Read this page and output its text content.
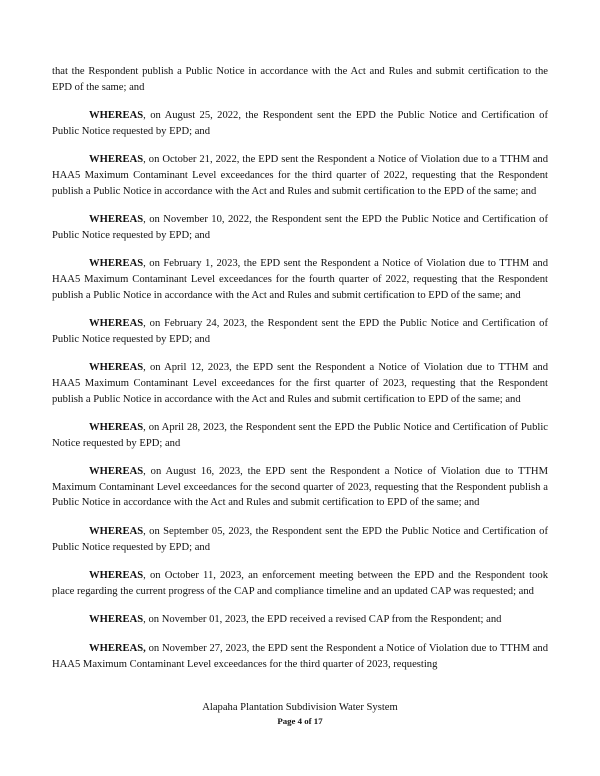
that the Respondent publish a Public Notice in accordance with the Act and Rules and submit certification to the EPD of the same; and

WHEREAS, on August 25, 2022, the Respondent sent the EPD the Public Notice and Certification of Public Notice requested by EPD; and

WHEREAS, on October 21, 2022, the EPD sent the Respondent a Notice of Violation due to a TTHM and HAA5 Maximum Contaminant Level exceedances for the third quarter of 2022, requesting that the Respondent publish a Public Notice in accordance with the Act and Rules and submit certification to the EPD of the same; and

WHEREAS, on November 10, 2022, the Respondent sent the EPD the Public Notice and Certification of Public Notice requested by EPD; and

WHEREAS, on February 1, 2023, the EPD sent the Respondent a Notice of Violation due to TTHM and HAA5 Maximum Contaminant Level exceedances for the fourth quarter of 2022, requesting that the Respondent publish a Public Notice in accordance with the Act and Rules and submit certification to EPD of the same; and

WHEREAS, on February 24, 2023, the Respondent sent the EPD the Public Notice and Certification of Public Notice requested by EPD; and

WHEREAS, on April 12, 2023, the EPD sent the Respondent a Notice of Violation due to TTHM and HAA5 Maximum Contaminant Level exceedances for the first quarter of 2023, requesting that the Respondent publish a Public Notice in accordance with the Act and Rules and submit certification to EPD of the same; and

WHEREAS, on April 28, 2023, the Respondent sent the EPD the Public Notice and Certification of Public Notice requested by EPD; and

WHEREAS, on August 16, 2023, the EPD sent the Respondent a Notice of Violation due to TTHM Maximum Contaminant Level exceedances for the second quarter of 2023, requesting that the Respondent publish a Public Notice in accordance with the Act and Rules and submit certification to EPD of the same; and

WHEREAS, on September 05, 2023, the Respondent sent the EPD the Public Notice and Certification of Public Notice requested by EPD; and

WHEREAS, on October 11, 2023, an enforcement meeting between the EPD and the Respondent took place regarding the current progress of the CAP and compliance timeline and an updated CAP was requested; and

WHEREAS, on November 01, 2023, the EPD received a revised CAP from the Respondent; and

WHEREAS, on November 27, 2023, the EPD sent the Respondent a Notice of Violation due to TTHM and HAA5 Maximum Contaminant Level exceedances for the third quarter of 2023, requesting

Alapaha Plantation Subdivision Water System
Page 4 of 17
